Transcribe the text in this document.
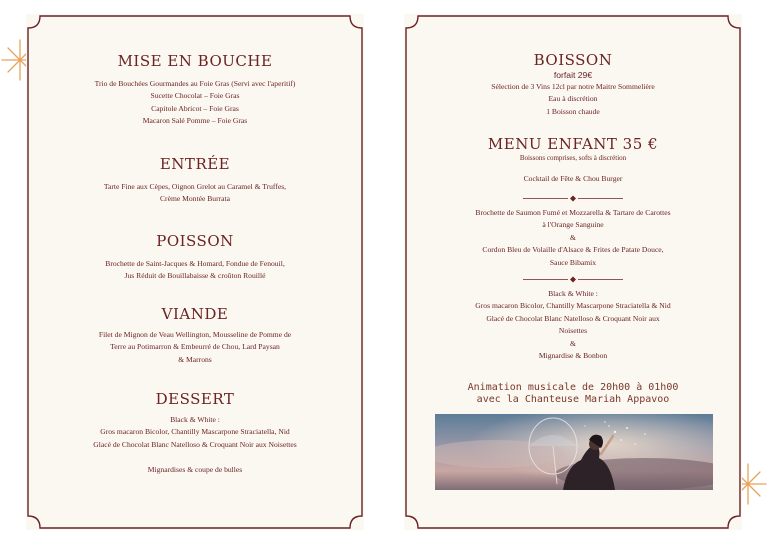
MISE EN BOUCHE

Trio de Bouchées Gourmandes au Foie Gras (Servi avec l'aperitif)

Sucette Chocolat – Foie Gras

Capitole Abricot – Foie Gras

Macaron Salé Pomme – Foie Gras

ENTRÉE

Tarte Fine aux Cèpes, Oignon Grelot au Caramel & Truffes,

Crème Montée Burrata

POISSON

Brochette de Saint-Jacques & Homard, Fondue de Fenouil,

Jus Réduit de Bouillabaisse & croûton Rouillé

VIANDE

Filet de Mignon de Veau Wellington, Mousseline de Pomme de

Terre au Potimarron & Embeurré de Chou, Lard Paysan

& Marrons

DESSERT

Black & White :

Gros macaron Bicolor, Chantilly Mascarpone Straciatella, Nid

Glacé de Chocolat Blanc Natelloso & Croquant Noir aux Noisettes

Mignardises & coupe de bulles

BOISSON

forfait 29€

Sélection de 3 Vins 12cl par notre Maitre Sommelière

Eau à discrétion

1 Boisson chaude

MENU ENFANT 35 €

Boissons comprises, softs à discrétion

Cocktail de Fête & Chou Burger

Brochette de Saumon Fumé et Mozzarella & Tartare de Carottes

à l'Orange Sanguine

&

Cordon Bleu de Volaille d'Alsace & Frites de Patate Douce,

Sauce Bibamix

Black & White :

Gros macaron Bicolor, Chantilly Mascarpone Straciatella & Nid

Glacé de Chocolat Blanc Natelloso & Croquant Noir aux

Noisettes

&

Mignardise & Bonbon

Animation musicale de 20h00 à 01h00

avec la Chanteuse Mariah Appavoo
